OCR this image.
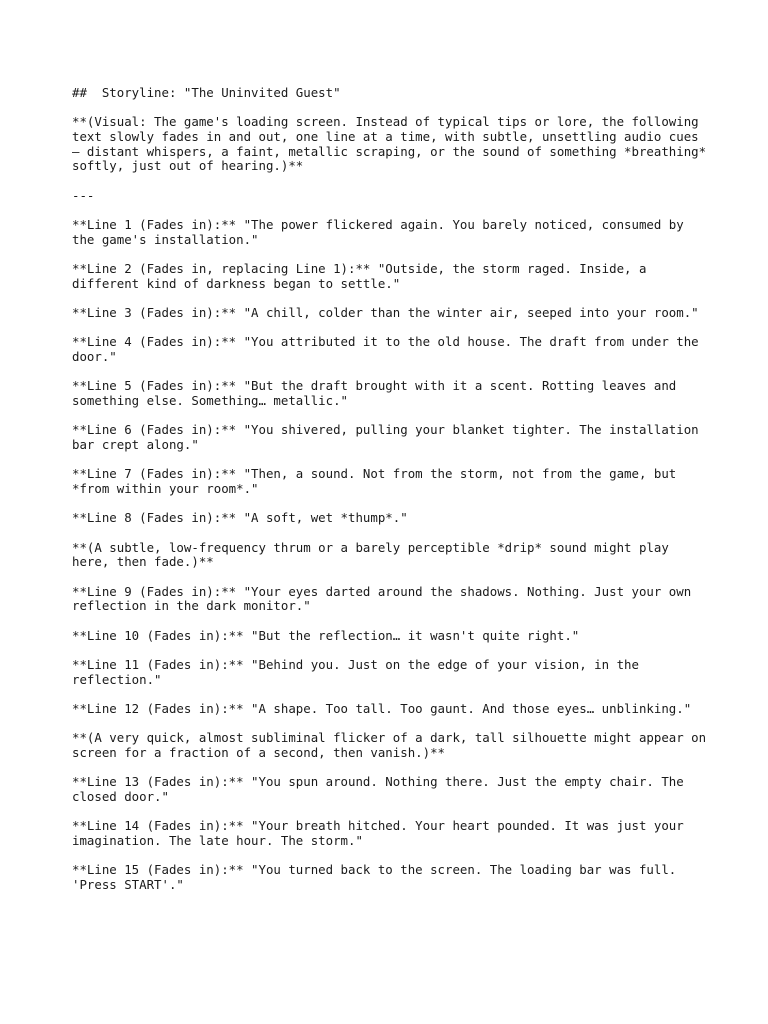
##  Storyline: "The Uninvited Guest"

**(Visual: The game's loading screen. Instead of typical tips or lore, the following text slowly fades in and out, one line at a time, with subtle, unsettling audio cues – distant whispers, a faint, metallic scraping, or the sound of something *breathing* softly, just out of hearing.)**

---

**Line 1 (Fades in):** "The power flickered again. You barely noticed, consumed by the game's installation."

**Line 2 (Fades in, replacing Line 1):** "Outside, the storm raged. Inside, a different kind of darkness began to settle."

**Line 3 (Fades in):** "A chill, colder than the winter air, seeped into your room."

**Line 4 (Fades in):** "You attributed it to the old house. The draft from under the door."

**Line 5 (Fades in):** "But the draft brought with it a scent. Rotting leaves and something else. Something… metallic."

**Line 6 (Fades in):** "You shivered, pulling your blanket tighter. The installation bar crept along."

**Line 7 (Fades in):** "Then, a sound. Not from the storm, not from the game, but *from within your room*."

**Line 8 (Fades in):** "A soft, wet *thump*."

**(A subtle, low-frequency thrum or a barely perceptible *drip* sound might play here, then fade.)**

**Line 9 (Fades in):** "Your eyes darted around the shadows. Nothing. Just your own reflection in the dark monitor."

**Line 10 (Fades in):** "But the reflection… it wasn't quite right."

**Line 11 (Fades in):** "Behind you. Just on the edge of your vision, in the reflection."

**Line 12 (Fades in):** "A shape. Too tall. Too gaunt. And those eyes… unblinking."

**(A very quick, almost subliminal flicker of a dark, tall silhouette might appear on screen for a fraction of a second, then vanish.)**

**Line 13 (Fades in):** "You spun around. Nothing there. Just the empty chair. The closed door."

**Line 14 (Fades in):** "Your breath hitched. Your heart pounded. It was just your imagination. The late hour. The storm."

**Line 15 (Fades in):** "You turned back to the screen. The loading bar was full. 'Press START'."
